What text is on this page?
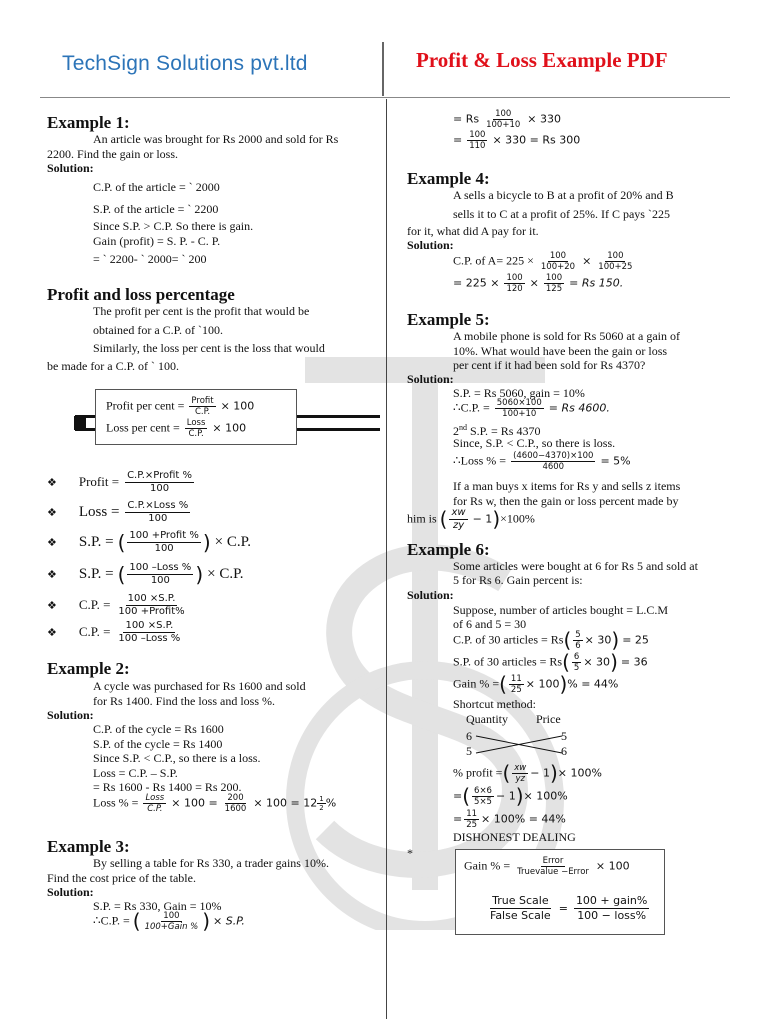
TechSign Solutions pvt.ltd	Profit & Loss Example PDF
Example 1:
An article was brought for Rs 2000 and sold for Rs
2200. Find the gain or loss.
Solution:
C.P. of the article = ` 2000
S.P. of the article = ` 2200
Since S.P. > C.P. So there is gain.
Gain (profit) = S. P. - C. P.
= ` 2200- ` 2000= ` 200
Profit and loss percentage
The profit per cent is the profit that would be
obtained for a C.P. of `100.
Similarly, the loss per cent is the loss that would
be made for a C.P. of ` 100.
Profit per cent = $\frac{\text{Profit}}{C.P.} \times 100$
Loss per cent = $\frac{\text{Loss}}{C.P.} \times 100$
❖ Profit = $\frac{\text{C.P.×Profit \%}}{100}$
❖ Loss = $\frac{\text{C.P.×Loss \%}}{100}$
❖ S.P. = ( $\frac{\text{100 +Profit \%}}{100}$ ) × C.P.
❖ S.P. = ( $\frac{\text{100 –Loss \%}}{100}$ ) × C.P.
❖ C.P. = $\frac{100 \times S.P.}{\text{100 +Profit\%}}$
❖ C.P. = $\frac{100 \times S.P.}{\text{100 –Loss \%}}$
Example 2:
A cycle was purchased for Rs 1600 and sold
for Rs 1400. Find the loss and loss %.
Solution:
C.P. of the cycle = Rs 1600
S.P. of the cycle = Rs 1400
Since S.P. < C.P., so there is a loss.
Loss = C.P. – S.P.
= Rs 1600 - Rs 1400 = Rs 200.
Loss % = $\frac{\text{Loss}}{C.P.} \times 100 = \frac{200}{1600} \times 100 = 12 \frac{1}{2}$ %
Example 3:
By selling a table for Rs 330, a trader gains 10%.
Find the cost price of the table.
Solution:
S.P. = Rs 330, Gain = 10%
∴C.P. = ( $\frac{100}{\text{100+Gain \%}}$ ) × S.P.
= Rs $\frac{100}{100+10} \times 330$
= $\frac{100}{110} \times 330 = Rs$ 300
Example 4:
A sells a bicycle to B at a profit of 20% and B
sells it to C at a profit of 25%. If C pays `225
for it, what did A pay for it.
Solution:
C.P. of $A= 225 \times \frac{100}{100+20} \times \frac{100}{100+25}$
= $225 \times \frac{100}{120} \times \frac{100}{125} = Rs$ 150.
Example 5:
A mobile phone is sold for Rs 5060 at a gain of
10%. What would have been the gain or loss
per cent if it had been sold for Rs 4370?
Solution:
S.P. = Rs 5060, gain = 10%
∴C.P. = $\frac{5060\times 100}{100+10} = Rs$ 4600.
2nd S.P. = Rs 4370
Since, S.P. < C.P., so there is loss.
∴Loss % = $\frac{(4600-4370)\times 100}{4600} = 5\%$
If a man buys x items for Rs y and sells z items
for Rs w, then the gain or loss percent made by
him is ( $\frac{xw}{zy} - 1)\times 100\%$
Example 6:
Some articles were bought at 6 for Rs 5 and sold at
5 for Rs 6. Gain percent is:
Solution:
Suppose, number of articles bought = L.C.M
of 6 and 5 = 30
C.P. of 30 articles = $Rs( \frac{5}{6} \times 30) = 25$
S.P. of 30 articles = $Rs( \frac{6}{5} \times 30) = 36$
Gain % =( $\frac{11}{25} \times 100)\% = 44\%$
Shortcut method:
Quantity Price
6
5
5
6
% profit =( $\frac{xw}{yz} - 1)\times 100\%$
=( $\frac{6\times 6}{5\times 5} - 1)\times 100\%$
= $\frac{11}{25} \times 100\% = 44\%$
DISHONEST DEALING
*
Gain % = $\frac{\text{Error}}{\text{Truevalue −Error}} \times 100$
$\frac{\text{True Scale}}{\text{False Scale}} = \frac{\text{100 + gain\%}}{\text{100 − loss\%}}$
